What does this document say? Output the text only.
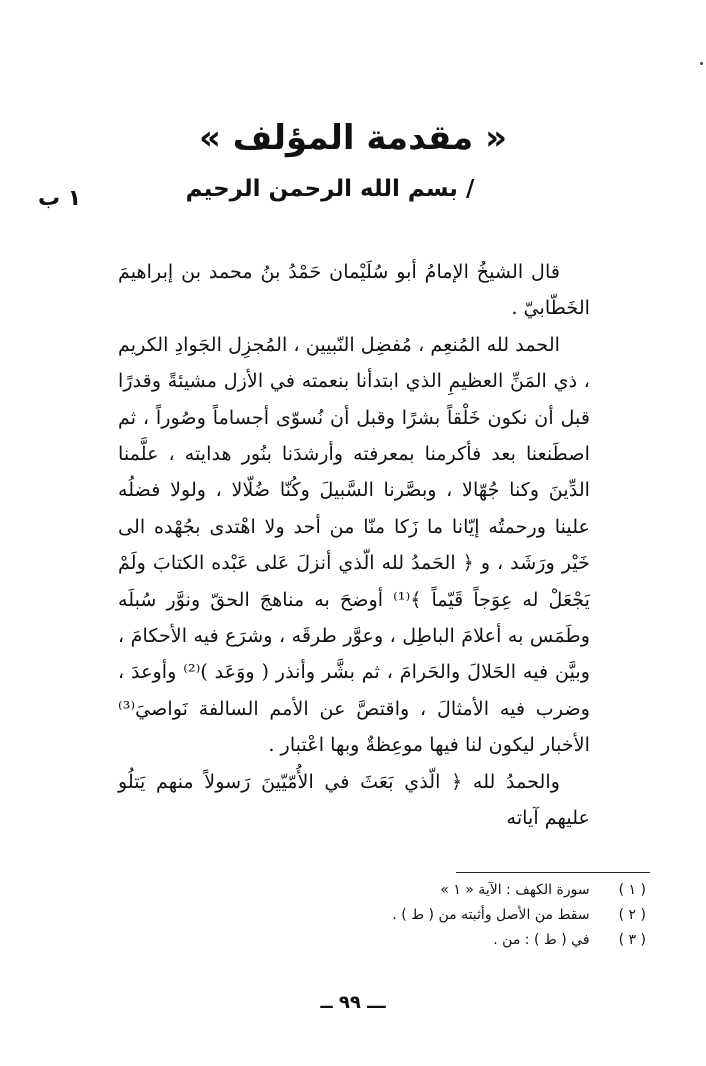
« مقدمة المؤلف »
/ بسم الله الرحمن الرحيم
١ ب

قال الشيخُ الإمامُ أبو سُلَيْمان حَمْدُ بنُ محمد بن إبراهيمَ الخَطّابيّ .

الحمد لله المُنعِم ، مُفضِل النّبيين ، المُجزِل الجَوادِ الكريم ، ذي المَنِّ العظيمِ الذي ابتدأنا بنعمته في الأزل مشيئةً وقدرًا قبل أن نكون خَلْقاً بشرًا وقبل أن نُسوّى أجساماً وصُوراً ، ثم اصطَنعنا بعد فأكرمنا بمعرفته وأرشدَنا بنُور هدايته ، علَّمنا الدِّينَ وكنا جُهّالا ، وبصَّرنا السَّبيلَ وكُنّا ضُلّالا ، ولولا فضلُه علينا ورحمتُه إيّانا ما زَكا منّا من أحد ولا اهْتدى بجُهْده الى خَيْر ورَشَد ، و ﴿ الحَمدُ لله الّذي أنزلَ عَلى عَبْده الكتابَ ولَمْ يَجْعَلْ له عِوَجاً قَيّماً ﴾⁽¹⁾ أوضحَ به مناهجَ الحقّ ونوَّر سُبلَه وطَمَس به أعلامَ الباطِل ، وعوَّر طرقَه ، وشرَع فيه الأحكامَ ، وبيَّن فيه الحَلالَ والحَرامَ ، ثم بشَّر وأنذر ( ووَعَد )⁽²⁾ وأوعدَ ، وضرب فيه الأمثالَ ، واقتصَّ عن الأمم السالفة نَواصيَ⁽³⁾ الأخبار ليكون لنا فيها موعِظةٌ وبها اعْتبار .

والحمدُ لله ﴿ الّذي بَعَثَ في الأُمّيّينَ رَسولاً منهم يَتلُو عليهم آياته

( ١ ) سورة الكهف : الآية « ١ »
( ٢ ) سقط من الأصل وأثبته من ( ط ) .
( ٣ ) في ( ط ) : من .
ـــ ٩٩ ــ
